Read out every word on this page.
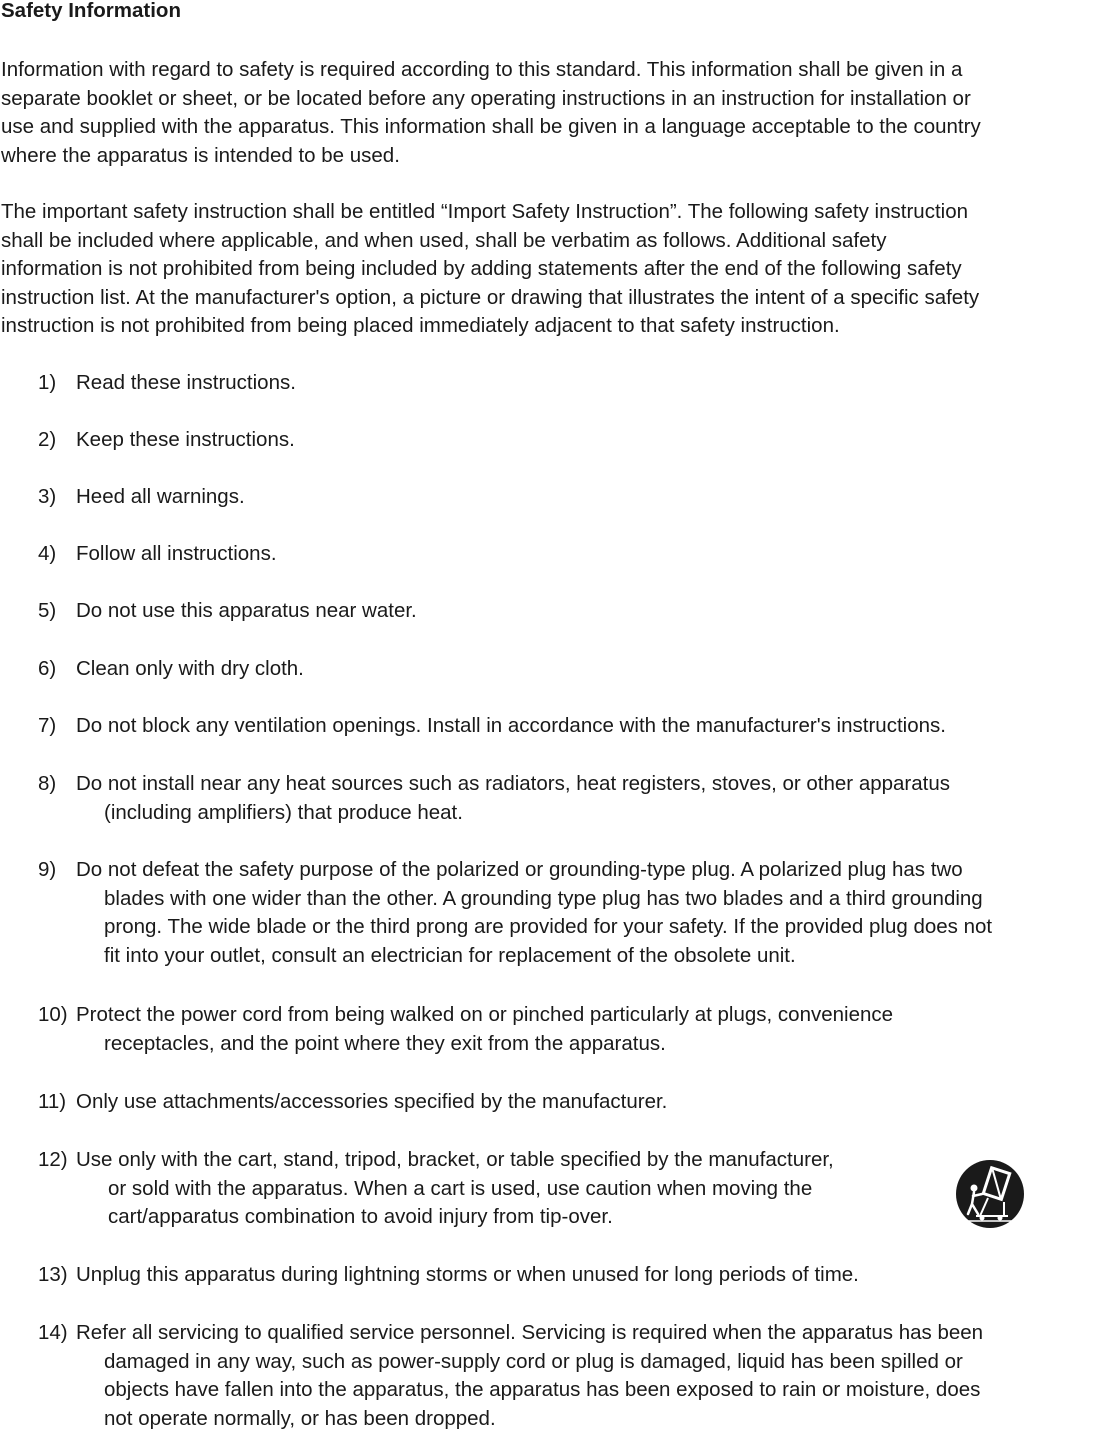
Safety Information
Information with regard to safety is required according to this standard. This information shall be given in a
separate booklet or sheet, or be located before any operating instructions in an instruction for installation or
use and supplied with the apparatus. This information shall be given in a language acceptable to the country
where the apparatus is intended to be used.
The important safety instruction shall be entitled “Import Safety Instruction”. The following safety instruction
shall be included where applicable, and when used, shall be verbatim as follows. Additional safety
information is not prohibited from being included by adding statements after the end of the following safety
instruction list. At the manufacturer's option, a picture or drawing that illustrates the intent of a specific safety
instruction is not prohibited from being placed immediately adjacent to that safety instruction.
1) Read these instructions.
2) Keep these instructions.
3) Heed all warnings.
4) Follow all instructions.
5) Do not use this apparatus near water.
6) Clean only with dry cloth.
7) Do not block any ventilation openings. Install in accordance with the manufacturer's instructions.
8) Do not install near any heat sources such as radiators, heat registers, stoves, or other apparatus
(including amplifiers) that produce heat.
9) Do not defeat the safety purpose of the polarized or grounding-type plug. A polarized plug has two
blades with one wider than the other. A grounding type plug has two blades and a third grounding
prong. The wide blade or the third prong are provided for your safety. If the provided plug does not
fit into your outlet, consult an electrician for replacement of the obsolete unit.
10) Protect the power cord from being walked on or pinched particularly at plugs, convenience
receptacles, and the point where they exit from the apparatus.
11) Only use attachments/accessories specified by the manufacturer.
12) Use only with the cart, stand, tripod, bracket, or table specified by the manufacturer,
or sold with the apparatus. When a cart is used, use caution when moving the
cart/apparatus combination to avoid injury from tip-over.
13) Unplug this apparatus during lightning storms or when unused for long periods of time.
14) Refer all servicing to qualified service personnel. Servicing is required when the apparatus has been
damaged in any way, such as power-supply cord or plug is damaged, liquid has been spilled or
objects have fallen into the apparatus, the apparatus has been exposed to rain or moisture, does
not operate normally, or has been dropped.
